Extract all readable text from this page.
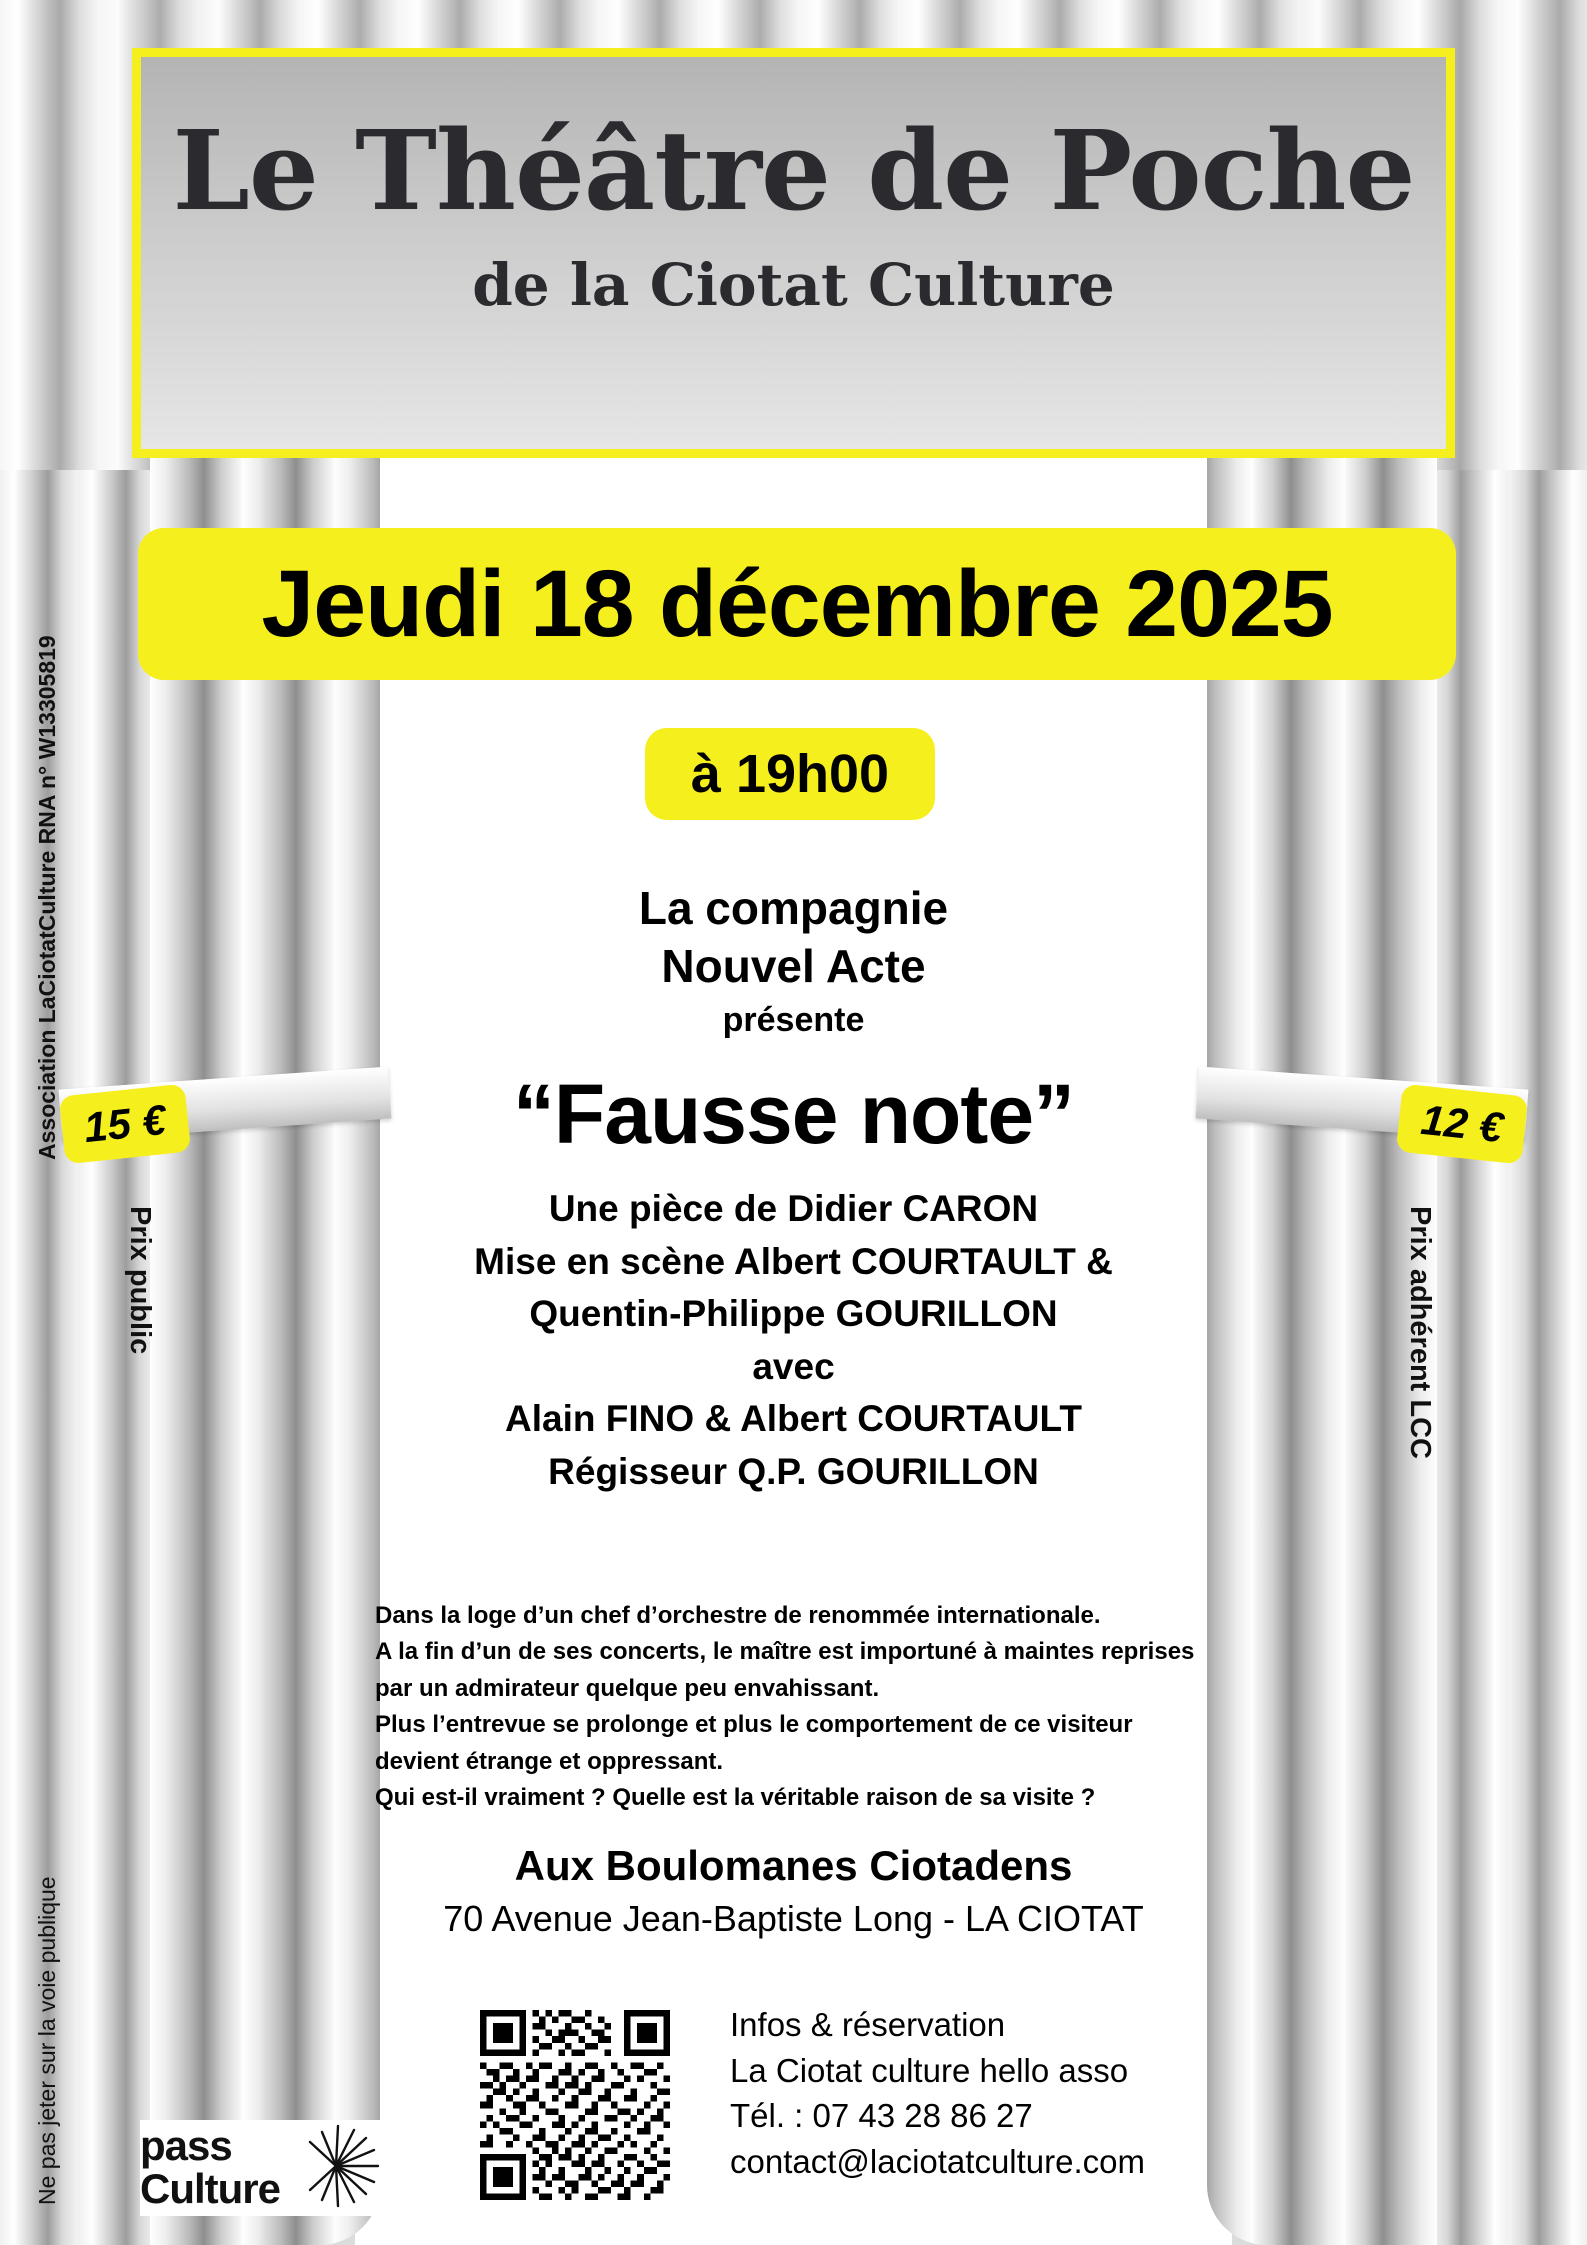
Le Théâtre de Poche
de la Ciotat Culture
Jeudi 18 décembre 2025
à 19h00
La compagnie
Nouvel Acte
présente
“Fausse note”
Une pièce de Didier CARON
Mise en scène Albert COURTAULT &
Quentin-Philippe GOURILLON
avec
Alain FINO & Albert COURTAULT
Régisseur Q.P. GOURILLON
Dans la loge d’un chef d’orchestre de renommée internationale.
A la fin d’un de ses concerts, le maître est importuné à maintes reprises
par un admirateur quelque peu envahissant.
Plus l’entrevue se prolonge et plus le comportement de ce visiteur
devient étrange et oppressant.
Qui est-il vraiment ? Quelle est la véritable raison de sa visite ?
Aux Boulomanes Ciotadens
70 Avenue Jean-Baptiste Long - LA CIOTAT
Infos & réservation
La Ciotat culture hello asso
Tél. : 07 43 28 86 27
contact@laciotatculture.com
pass
Culture
15 €	12 €
Prix public	Prix adhérent LCC
Association LaCiotatCulture RNA n° W13305819
Ne pas jeter sur la voie publique
